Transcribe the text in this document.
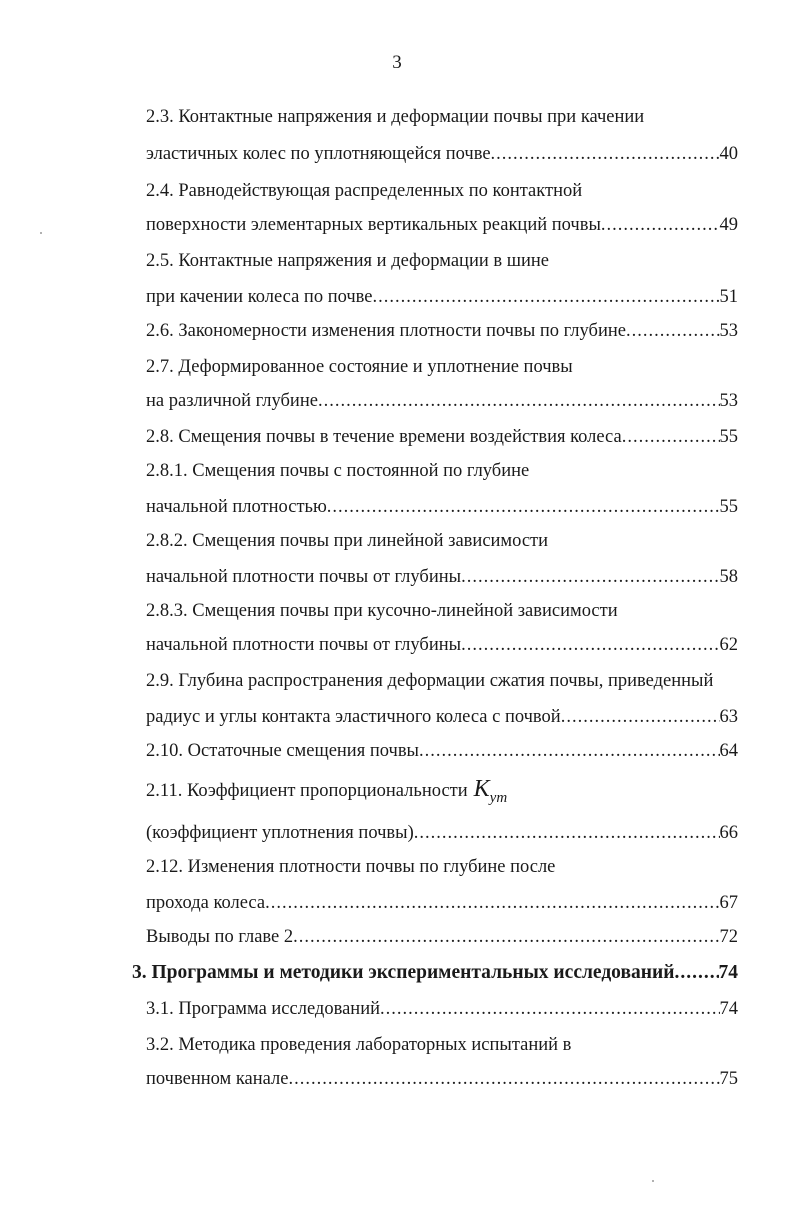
3
2.3. Контактные напряжения и деформации почвы при качении
эластичных колес по уплотняющейся почве .....	40
2.4. Равнодействующая распределенных по контактной
поверхности элементарных вертикальных реакций почвы .....	49
2.5. Контактные напряжения и деформации в шине
при качении колеса по почве .....	51
2.6. Закономерности изменения плотности почвы по глубине .....	53
2.7. Деформированное состояние и уплотнение почвы
на различной глубине .....	53
2.8. Смещения почвы в течение времени воздействия колеса .....	55
2.8.1. Смещения почвы с постоянной по глубине
начальной плотностью .....	55
2.8.2. Смещения почвы при линейной зависимости
начальной плотности почвы от глубины .....	58
2.8.3. Смещения почвы при кусочно-линейной зависимости
начальной плотности почвы от глубины .....	62
2.9. Глубина распространения деформации сжатия почвы, приведенный
радиус и углы контакта эластичного колеса с почвой .....	63
2.10. Остаточные смещения почвы .....	64
2.11. Коэффициент пропорциональности $K_{ут}$
(коэффициент уплотнения почвы) .....	66
2.12. Изменения плотности почвы по глубине после
прохода колеса .....	67
Выводы по главе 2 .....	72
3. Программы и методики экспериментальных исследований ..... 74
3.1. Программа исследований .....	74
3.2. Методика проведения лабораторных испытаний в
почвенном канале .....	75
